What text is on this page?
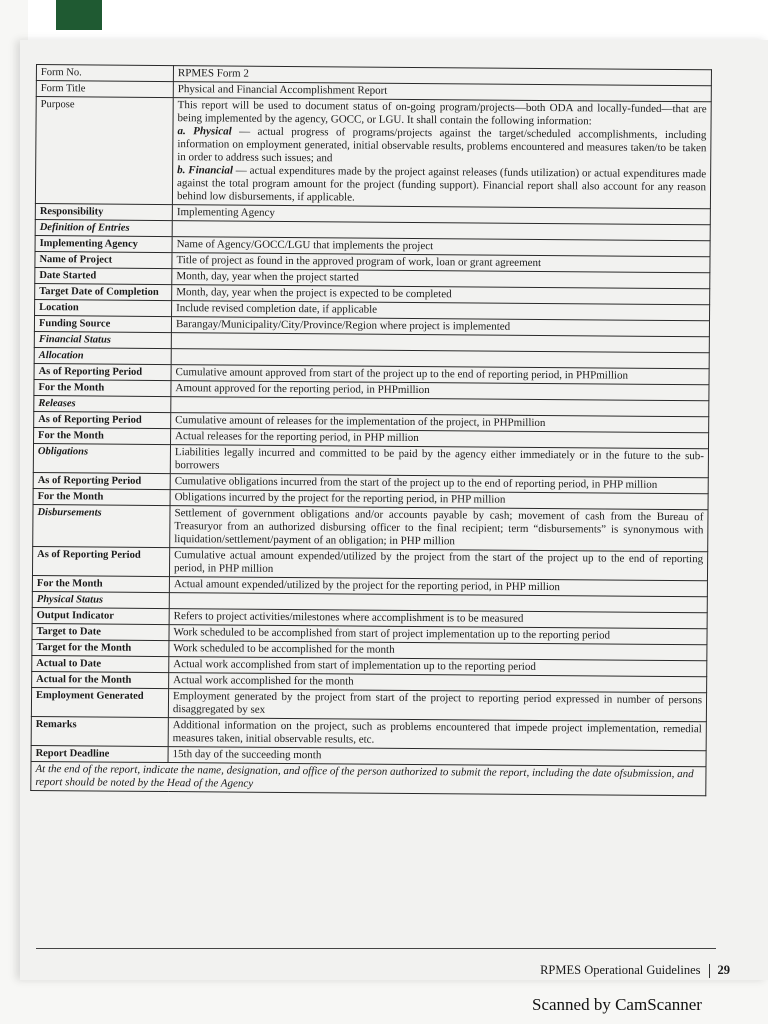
Form No.	RPMES Form 2
Form Title	Physical and Financial Accomplishment Report
Purpose	This report will be used to document status of on-going program/projects—both ODA and locally-funded—that are being implemented by the agency, GOCC, or LGU. It shall contain the following information:

a. Physical — actual progress of programs/projects against the target/scheduled accomplishments, including information on employment generated, initial observable results, problems encountered and measures taken/to be taken in order to address such issues; and

b. Financial — actual expenditures made by the project against releases (funds utilization) or actual expenditures made against the total program amount for the project (funding support). Financial report shall also account for any reason behind low disbursements, if applicable.

Responsibility	Implementing Agency
Definition of Entries	
Implementing Agency	Name of Agency/GOCC/LGU that implements the project
Name of Project	Title of project as found in the approved program of work, loan or grant agreement
Date Started	Month, day, year when the project started
Target Date of Completion	Month, day, year when the project is expected to be completed
Location	Include revised completion date, if applicable
Funding Source	Barangay/Municipality/City/Province/Region where project is implemented
Financial Status	
Allocation	
As of Reporting Period	Cumulative amount approved from start of the project up to the end of reporting period, in PHPmillion
For the Month	Amount approved for the reporting period, in PHPmillion
Releases	
As of Reporting Period	Cumulative amount of releases for the implementation of the project, in PHPmillion
For the Month	Actual releases for the reporting period, in PHP million
Obligations	Liabilities legally incurred and committed to be paid by the agency either immediately or in the future to the sub-borrowers
As of Reporting Period	Cumulative obligations incurred from the start of the project up to the end of reporting period, in PHP million
For the Month	Obligations incurred by the project for the reporting period, in PHP million
Disbursements	Settlement of government obligations and/or accounts payable by cash; movement of cash from the Bureau of Treasuryor from an authorized disbursing officer to the final recipient; term “disbursements” is synonymous with liquidation/settlement/payment of an obligation; in PHP million
As of Reporting Period	Cumulative actual amount expended/utilized by the project from the start of the project up to the end of reporting period, in PHP million
For the Month	Actual amount expended/utilized by the project for the reporting period, in PHP million
Physical Status	
Output Indicator	Refers to project activities/milestones where accomplishment is to be measured
Target to Date	Work scheduled to be accomplished from start of project implementation up to the reporting period
Target for the Month	Work scheduled to be accomplished for the month
Actual to Date	Actual work accomplished from start of implementation up to the reporting period
Actual for the Month	Actual work accomplished for the month
Employment Generated	Employment generated by the project from start of the project to reporting period expressed in number of persons disaggregated by sex
Remarks	Additional information on the project, such as problems encountered that impede project implementation, remedial measures taken, initial observable results, etc.
Report Deadline	15th day of the succeeding month
At the end of the report, indicate the name, designation, and office of the person authorized to submit the report, including the date ofsubmission, and report should be noted by the Head of the Agency	
RPMES Operational Guidelines 29
Scanned by CamScanner
